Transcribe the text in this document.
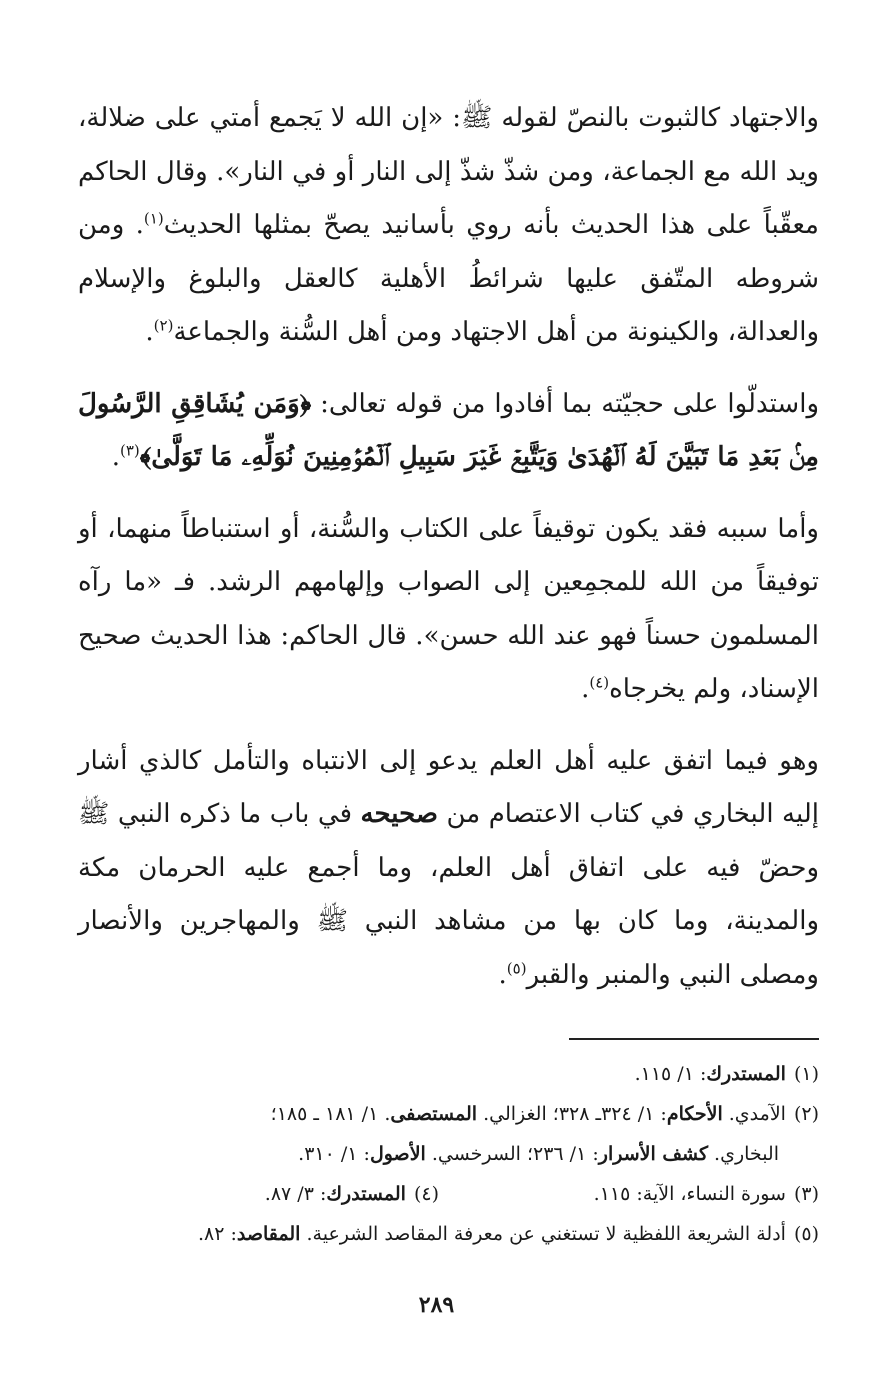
والاجتهاد كالثبوت بالنصّ لقوله ﷺ: «إن الله لا يَجمع أمتي على ضلالة، ويد الله مع الجماعة، ومن شذّ شذّ إلى النار أو في النار». وقال الحاكم معقّباً على هذا الحديث بأنه روي بأسانيد يصحّ بمثلها الحديث$^{(١)}$. ومن شروطه المتّفق عليها شرائطُ الأهلية كالعقل والبلوغ والإسلام والعدالة، والكينونة من أهل الاجتهاد ومن أهل السُّنة والجماعة$^{(٢)}$.

واستدلّوا على حجيّته بما أفادوا من قوله تعالى: ﴿وَمَن يُشَاقِقِ الرَّسُولَ مِنۢ بَعۡدِ مَا تَبَيَّنَ لَهُ ٱلۡهُدَىٰ وَيَتَّبِعۡ غَيۡرَ سَبِيلِ ٱلۡمُؤۡمِنِينَ نُوَلِّهِۦ مَا تَوَلَّىٰ﴾$^{(٣)}$.

وأما سببه فقد يكون توقيفاً على الكتاب والسُّنة، أو استنباطاً منهما، أو توفيقاً من الله للمجمِعين إلى الصواب وإلهامهم الرشد. فـ «ما رآه المسلمون حسناً فهو عند الله حسن». قال الحاكم: هذا الحديث صحيح الإسناد، ولم يخرجاه$^{(٤)}$.

وهو فيما اتفق عليه أهل العلم يدعو إلى الانتباه والتأمل كالذي أشار إليه البخاري في كتاب الاعتصام من صحيحه في باب ما ذكره النبي ﷺ وحضّ فيه على اتفاق أهل العلم، وما أجمع عليه الحرمان مكة والمدينة، وما كان بها من مشاهد النبي ﷺ والمهاجرين والأنصار ومصلى النبي والمنبر والقبر$^{(٥)}$.

(١)المستدرك: ١/ ١١٥.

(٢)الآمدي. الأحكام: ١/ ٣٢٤ـ ٣٢٨؛ الغزالي. المستصفى. ١/ ١٨١ ـ ١٨٥؛

البخاري. كشف الأسرار: ١/ ٢٣٦؛ السرخسي. الأصول: ١/ ٣١٠.

(٣)سورة النساء، الآية: ١١٥.
(٤)المستدرك: ٣/ ٨٧.

(٥)أدلة الشريعة اللفظية لا تستغني عن معرفة المقاصد الشرعية. المقاصد: ٨٢.

٢٨٩
